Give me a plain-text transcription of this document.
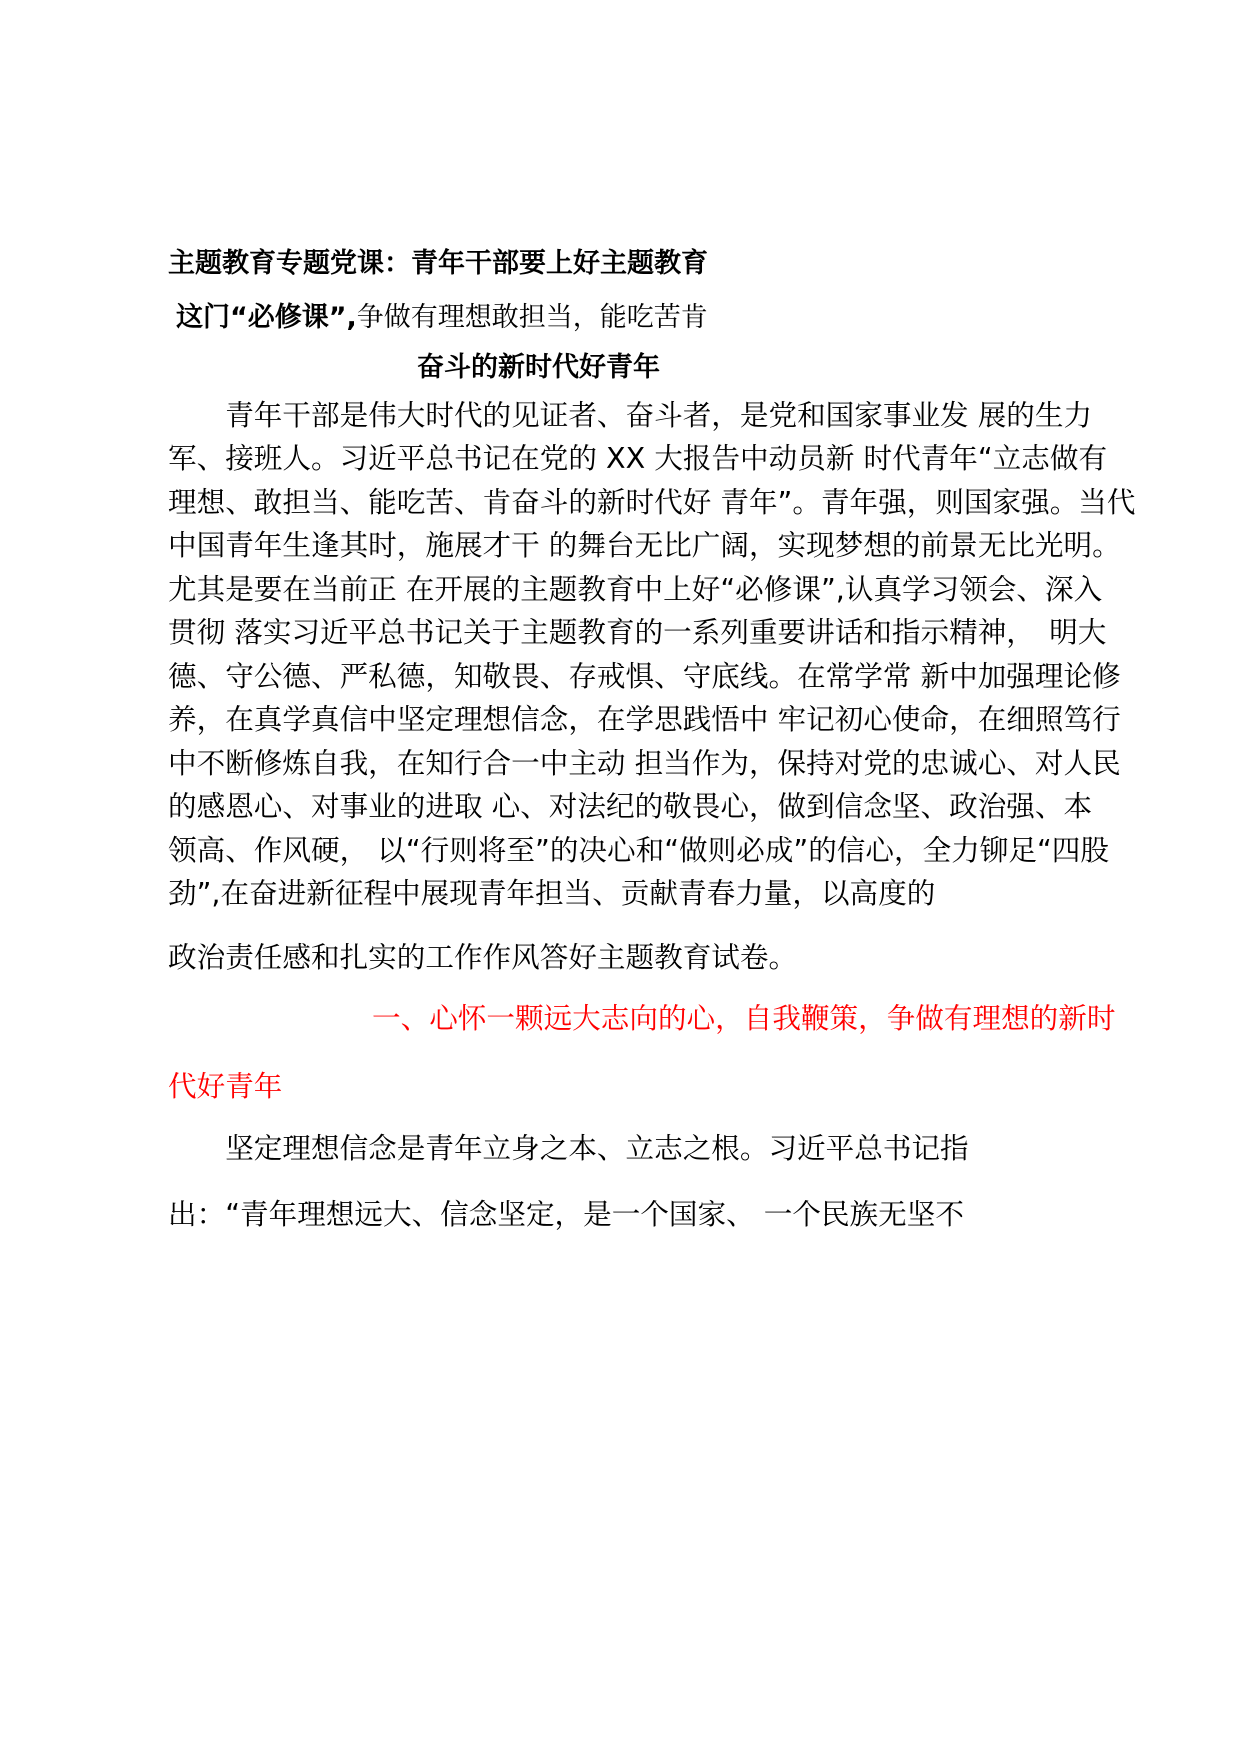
主题教育专题党课：青年干部要上好主题教育
这门“必修课”,争做有理想敢担当，能吃苦肯
奋斗的新时代好青年
　　青年干部是伟大时代的见证者、奋斗者，是党和国家事业发 展的生力
军、接班人。习近平总书记在党的 XX 大报告中动员新 时代青年“立志做有
理想、敢担当、能吃苦、肯奋斗的新时代好 青年”。青年强，则国家强。当代
中国青年生逢其时，施展才干 的舞台无比广阔，实现梦想的前景无比光明。
尤其是要在当前正 在开展的主题教育中上好“必修课”,认真学习领会、深入
贯彻 落实习近平总书记关于主题教育的一系列重要讲话和指示精神，　明大
德、守公德、严私德，知敬畏、存戒惧、守底线。在常学常 新中加强理论修
养，在真学真信中坚定理想信念，在学思践悟中 牢记初心使命，在细照笃行
中不断修炼自我，在知行合一中主动 担当作为，保持对党的忠诚心、对人民
的感恩心、对事业的进取 心、对法纪的敬畏心，做到信念坚、政治强、本
领高、作风硬， 以“行则将至”的决心和“做则必成”的信心，全力铆足“四股
劲”,在奋进新征程中展现青年担当、贡献青春力量，以高度的
政治责任感和扎实的工作作风答好主题教育试卷。
一、心怀一颗远大志向的心，自我鞭策，争做有理想的新时
代好青年
　　坚定理想信念是青年立身之本、立志之根。习近平总书记指
出：“青年理想远大、信念坚定，是一个国家、 一个民族无坚不
